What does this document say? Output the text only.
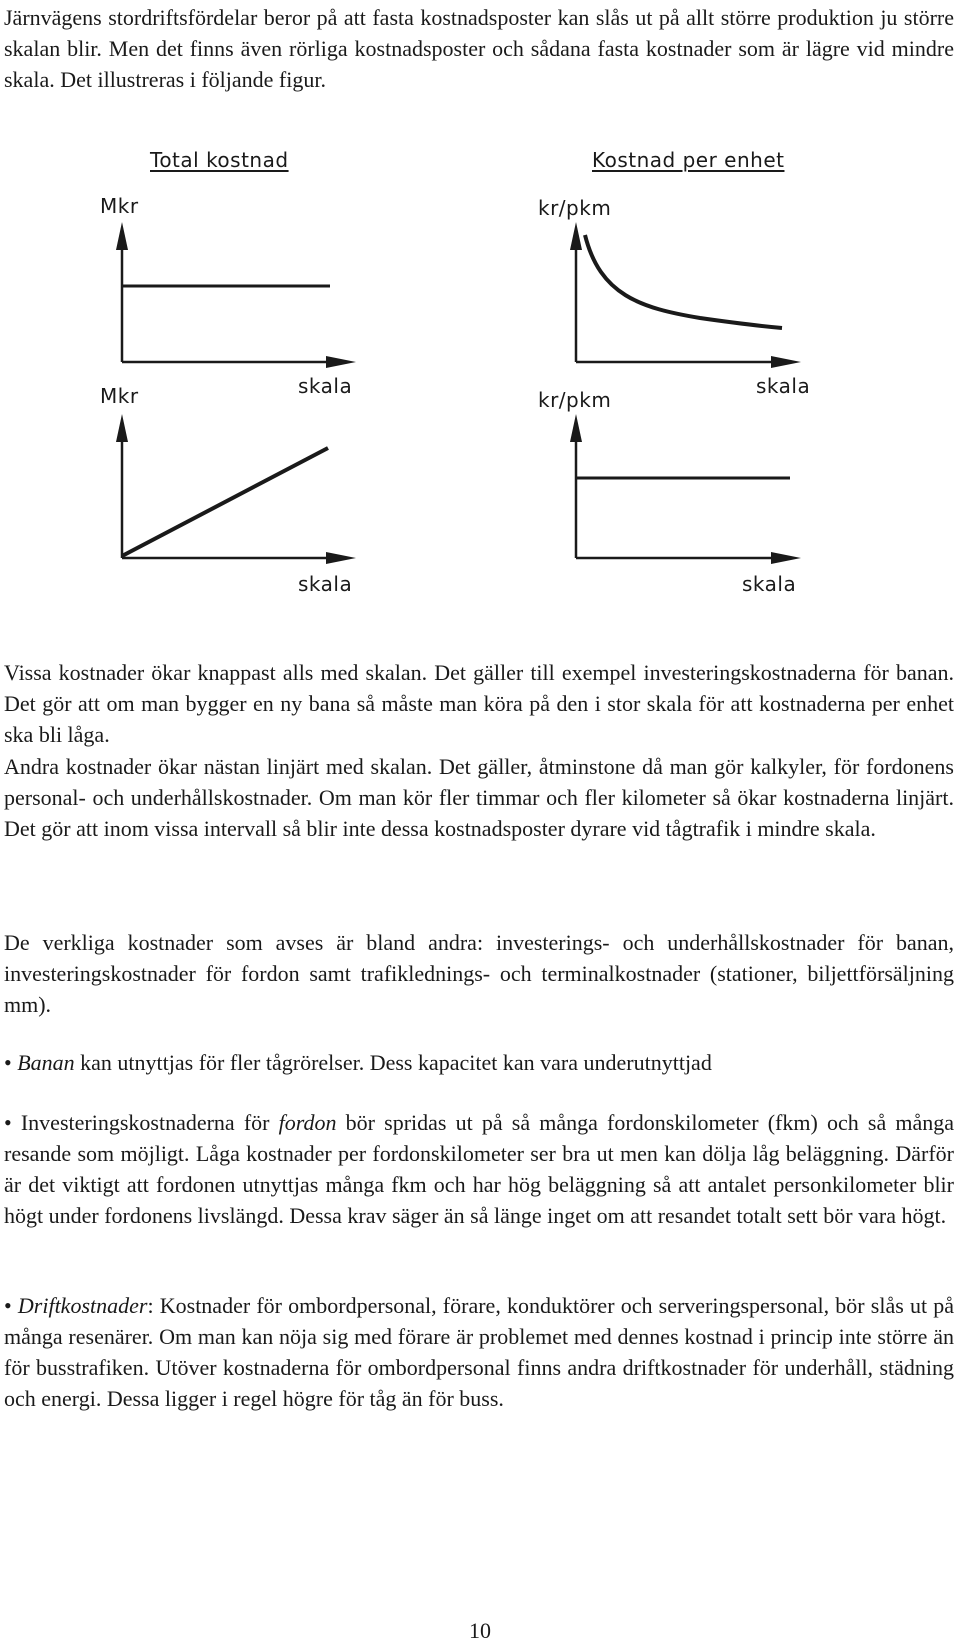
Järnvägens stordriftsfördelar beror på att fasta kostnadsposter kan slås ut på allt större produktion ju större skalan blir. Men det finns även rörliga kostnadsposter och sådana fasta kostnader som är lägre vid mindre skala. Det illustreras i följande figur.

Total kostnad	Kostnad per enhet
Mkr	kr/pkm
Mkr	kr/pkm
skala	skala
skala	skala

Vissa kostnader ökar knappast alls med skalan. Det gäller till exempel investeringskostnaderna för banan. Det gör att om man bygger en ny bana så måste man köra på den i stor skala för att kostnaderna per enhet ska bli låga.

Andra kostnader ökar nästan linjärt med skalan. Det gäller, åtminstone då man gör kalkyler, för fordonens personal- och underhållskostnader. Om man kör fler timmar och fler kilometer så ökar kostnaderna linjärt. Det gör att inom vissa intervall så blir inte dessa kostnadsposter dyrare vid tågtrafik i mindre skala.

De verkliga kostnader som avses är bland andra: investerings- och underhållskostnader för banan, investeringskostnader för fordon samt trafiklednings- och terminalkostnader (stationer, biljettförsäljning mm).

• Banan kan utnyttjas för fler tågrörelser. Dess kapacitet kan vara underutnyttjad

• Investeringskostnaderna för fordon bör spridas ut på så många fordonskilometer (fkm) och så många resande som möjligt. Låga kostnader per fordonskilometer ser bra ut men kan dölja låg beläggning. Därför är det viktigt att fordonen utnyttjas många fkm och har hög beläggning så att antalet personkilometer blir högt under fordonens livslängd. Dessa krav säger än så länge inget om att resandet totalt sett bör vara högt.

• Driftkostnader: Kostnader för ombordpersonal, förare, konduktörer och serveringspersonal, bör slås ut på många resenärer. Om man kan nöja sig med förare är problemet med dennes kostnad i princip inte större än för busstrafiken. Utöver kostnaderna för ombordpersonal finns andra driftkostnader för underhåll, städning och energi. Dessa ligger i regel högre för tåg än för buss.

10
